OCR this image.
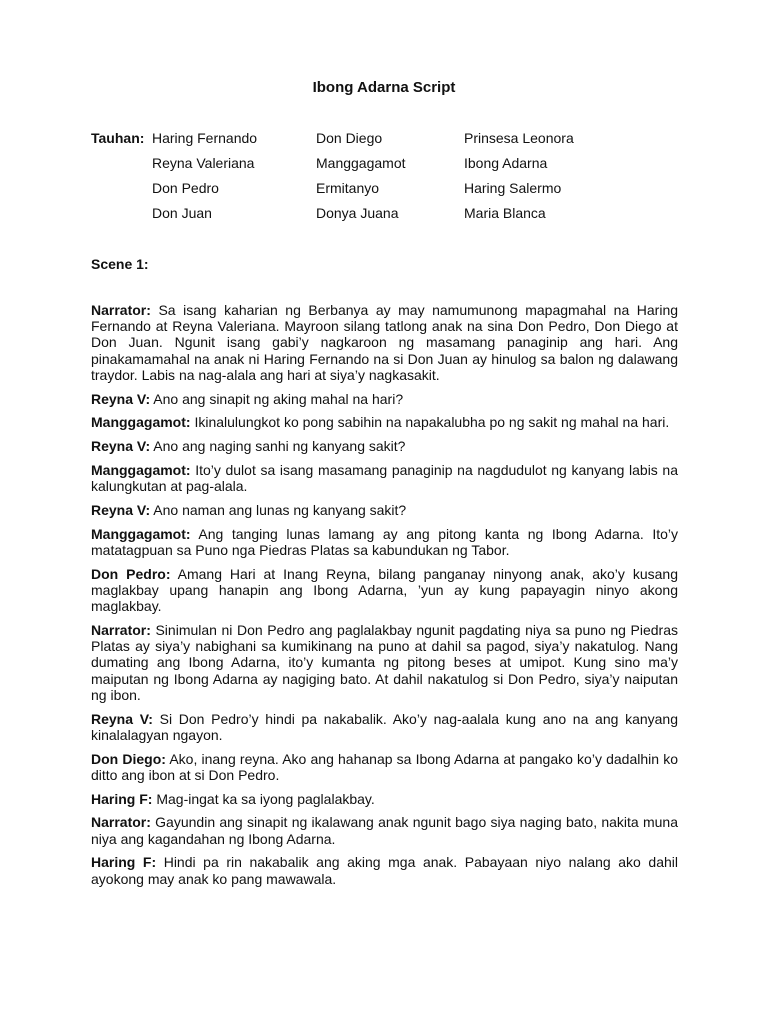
Ibong Adarna Script
Tauhan: Haring Fernando	Don Diego	Prinsesa Leonora
Reyna Valeriana	Manggagamot	Ibong Adarna
Don Pedro	Ermitanyo	Haring Salermo
Don Juan	Donya Juana	Maria Blanca
Scene 1:

Narrator: Sa isang kaharian ng Berbanya ay may namumunong mapagmahal na Haring Fernando at Reyna Valeriana. Mayroon silang tatlong anak na sina Don Pedro, Don Diego at Don Juan. Ngunit isang gabi’y nagkaroon ng masamang panaginip ang hari. Ang pinakamamahal na anak ni Haring Fernando na si Don Juan ay hinulog sa balon ng dalawang traydor. Labis na nag-alala ang hari at siya’y nagkasakit.

Reyna V: Ano ang sinapit ng aking mahal na hari?

Manggagamot: Ikinalulungkot ko pong sabihin na napakalubha po ng sakit ng mahal na hari.

Reyna V: Ano ang naging sanhi ng kanyang sakit?

Manggagamot: Ito’y dulot sa isang masamang panaginip na nagdudulot ng kanyang labis na kalungkutan at pag-alala.

Reyna V: Ano naman ang lunas ng kanyang sakit?

Manggagamot: Ang tanging lunas lamang ay ang pitong kanta ng Ibong Adarna. Ito’y matatagpuan sa Puno nga Piedras Platas sa kabundukan ng Tabor.

Don Pedro: Amang Hari at Inang Reyna, bilang panganay ninyong anak, ako’y kusang maglakbay upang hanapin ang Ibong Adarna, ’yun ay kung papayagin ninyo akong maglakbay.

Narrator: Sinimulan ni Don Pedro ang paglalakbay ngunit pagdating niya sa puno ng Piedras Platas ay siya’y nabighani sa kumikinang na puno at dahil sa pagod, siya’y nakatulog. Nang dumating ang Ibong Adarna, ito’y kumanta ng pitong beses at umipot. Kung sino ma’y maiputan ng Ibong Adarna ay nagiging bato. At dahil nakatulog si Don Pedro, siya’y naiputan ng ibon.

Reyna V: Si Don Pedro’y hindi pa nakabalik. Ako’y nag-aalala kung ano na ang kanyang kinalalagyan ngayon.

Don Diego: Ako, inang reyna. Ako ang hahanap sa Ibong Adarna at pangako ko’y dadalhin ko ditto ang ibon at si Don Pedro.

Haring F: Mag-ingat ka sa iyong paglalakbay.

Narrator: Gayundin ang sinapit ng ikalawang anak ngunit bago siya naging bato, nakita muna niya ang kagandahan ng Ibong Adarna.

Haring F: Hindi pa rin nakabalik ang aking mga anak. Pabayaan niyo nalang ako dahil ayokong may anak ko pang mawawala.
